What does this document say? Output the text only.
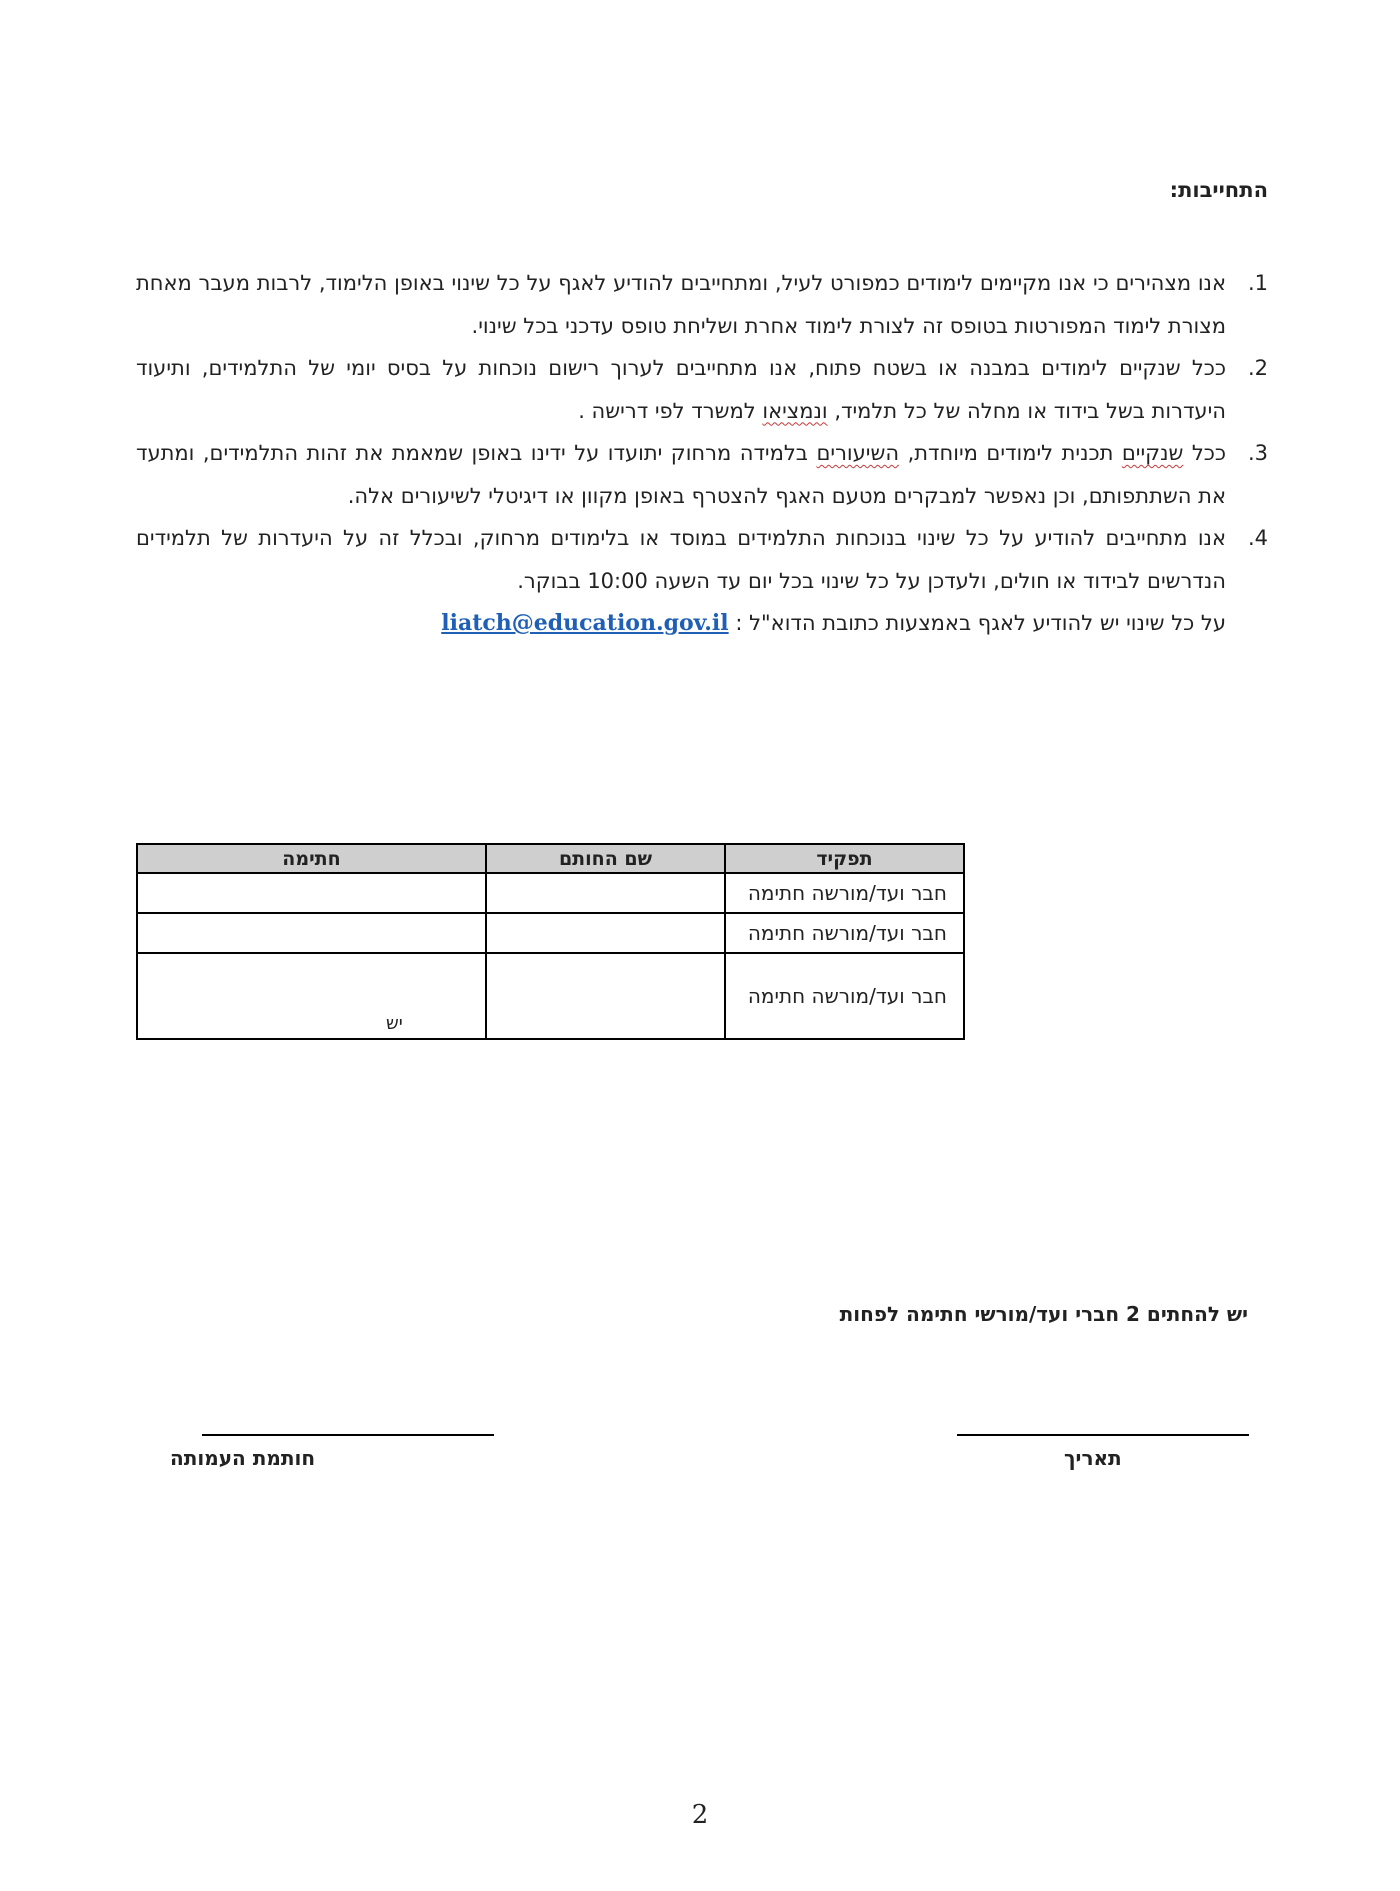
התחייבות:
1.
אנו מצהירים כי אנו מקיימים לימודים כמפורט לעיל, ומתחייבים להודיע לאגף על כל שינוי באופן הלימוד, לרבות מעבר מאחת מצורת לימוד המפורטות בטופס זה לצורת לימוד אחרת ושליחת טופס עדכני בכל שינוי.
2.
ככל שנקיים לימודים במבנה או בשטח פתוח, אנו מתחייבים לערוך רישום נוכחות על בסיס יומי של התלמידים, ותיעוד היעדרות בשל בידוד או מחלה של כל תלמיד, ונמציאו למשרד לפי דרישה .
3.
ככל שנקיים תכנית לימודים מיוחדת, השיעורים בלמידה מרחוק יתועדו על ידינו באופן שמאמת את זהות התלמידים, ומתעד את השתתפותם, וכן נאפשר למבקרים מטעם האגף להצטרף באופן מקוון או דיגיטלי לשיעורים אלה.
4.
אנו מתחייבים להודיע על כל שינוי בנוכחות התלמידים במוסד או בלימודים מרחוק, ובכלל זה על היעדרות של תלמידים הנדרשים לבידוד או חולים, ולעדכן על כל שינוי בכל יום עד השעה 10:00 בבוקר.
על כל שינוי יש להודיע לאגף באמצעות כתובת הדוא"ל : liatch@education.gov.il
תפקיד	שם החותם	חתימה
חבר ועד/מורשה חתימה		
חבר ועד/מורשה חתימה		
חבר ועד/מורשה חתימה		יש
יש להחתים 2 חברי ועד/מורשי חתימה לפחות
תאריך
חותמת העמותה
2
